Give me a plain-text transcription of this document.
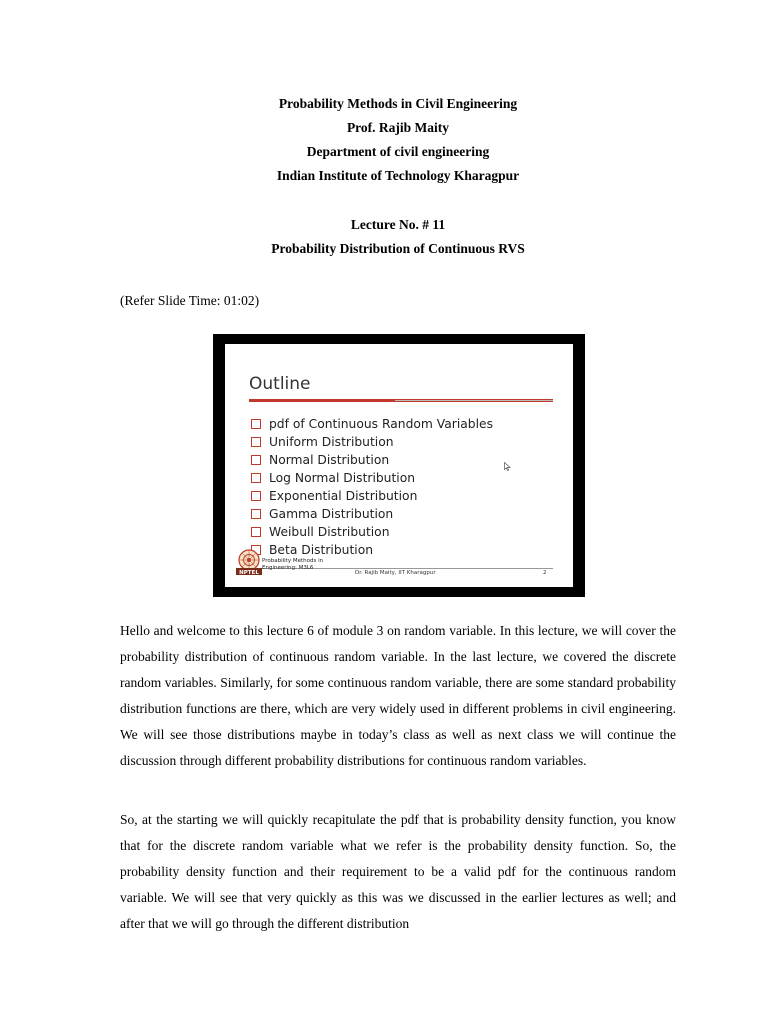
Probability Methods in Civil Engineering
Prof. Rajib Maity
Department of civil engineering
Indian Institute of Technology Kharagpur
Lecture No. # 11
Probability Distribution of Continuous RVS
(Refer Slide Time: 01:02)
Outline
pdf of Continuous Random Variables
Uniform Distribution
Normal Distribution
Log Normal Distribution
Exponential Distribution
Gamma Distribution
Weibull Distribution
Beta Distribution
NPTEL
Probability Methods in
Engineering: M3L6
Dr. Rajib Maity, IIT Kharagpur	2

Hello and welcome to this lecture 6 of module 3 on random variable. In this lecture, we will cover the probability distribution of continuous random variable. In the last lecture, we covered the discrete random variables. Similarly, for some continuous random variable, there are some standard probability distribution functions are there, which are very widely used in different problems in civil engineering. We will see those distributions maybe in today’s class as well as next class we will continue the discussion through different probability distributions for continuous random variables.

So, at the starting we will quickly recapitulate the pdf that is probability density function, you know that for the discrete random variable what we refer is the probability density function. So, the probability density function and their requirement to be a valid pdf for the continuous random variable. We will see that very quickly as this was we discussed in the earlier lectures as well; and after that we will go through the different distribution
